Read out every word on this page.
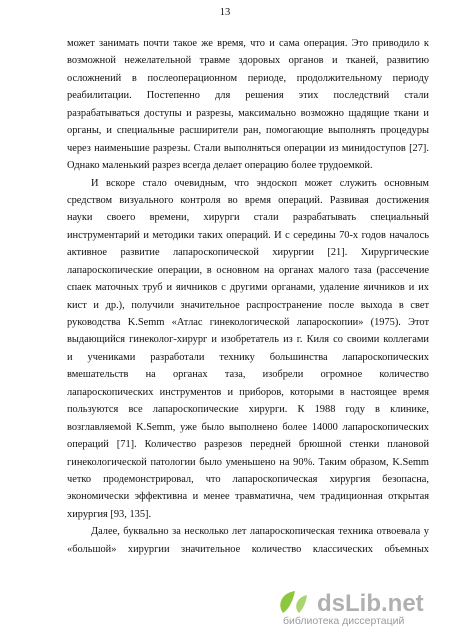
13
может занимать почти такое же время, что и сама операция. Это приводило к
возможной нежелательной травме здоровых органов и тканей, развитию
осложнений в послеоперационном периоде, продолжительному периоду
реабилитации. Постепенно для решения этих последствий стали
разрабатываться доступы и разрезы, максимально возможно щадящие ткани и
органы, и специальные расширители ран, помогающие выполнять процедуры
через наименьшие разрезы. Стали выполняться операции из минидоступов [27].
Однако маленький разрез всегда делает операцию более трудоемкой.
И вскоре стало очевидным, что эндоскоп может служить основным
средством визуального контроля во время операций. Развивая достижения
науки своего времени, хирурги стали разрабатывать специальный
инструментарий и методики таких операций. И с середины 70-х годов началось
активное развитие лапароскопической хирургии [21]. Хирургические
лапароскопические операции, в основном на органах малого таза (рассечение
спаек маточных труб и яичников с другими органами, удаление яичников и их
кист и др.), получили значительное распространение после выхода в свет
руководства K.Semm «Атлас гинекологической лапароскопии» (1975). Этот
выдающийся гинеколог-хирург и изобретатель из г. Киля со своими коллегами
и учениками разработали технику большинства лапароскопических
вмешательств на органах таза, изобрели огромное количество
лапароскопических инструментов и приборов, которыми в настоящее время
пользуются все лапароскопические хирурги. К 1988 году в клинике,
возглавляемой K.Semm, уже было выполнено более 14000 лапароскопических
операций [71]. Количество разрезов передней брюшной стенки плановой
гинекологической патологии было уменьшено на 90%. Таким образом, K.Semm
четко продемонстрировал, что лапароскопическая хирургия безопасна,
экономически эффективна и менее травматична, чем традиционная открытая
хирургия [93, 135].
Далее, буквально за несколько лет лапароскопическая техника отвоевала у
«большой» хирургии значительное количество классических объемных
dsLib.net
библиотека диссертаций
